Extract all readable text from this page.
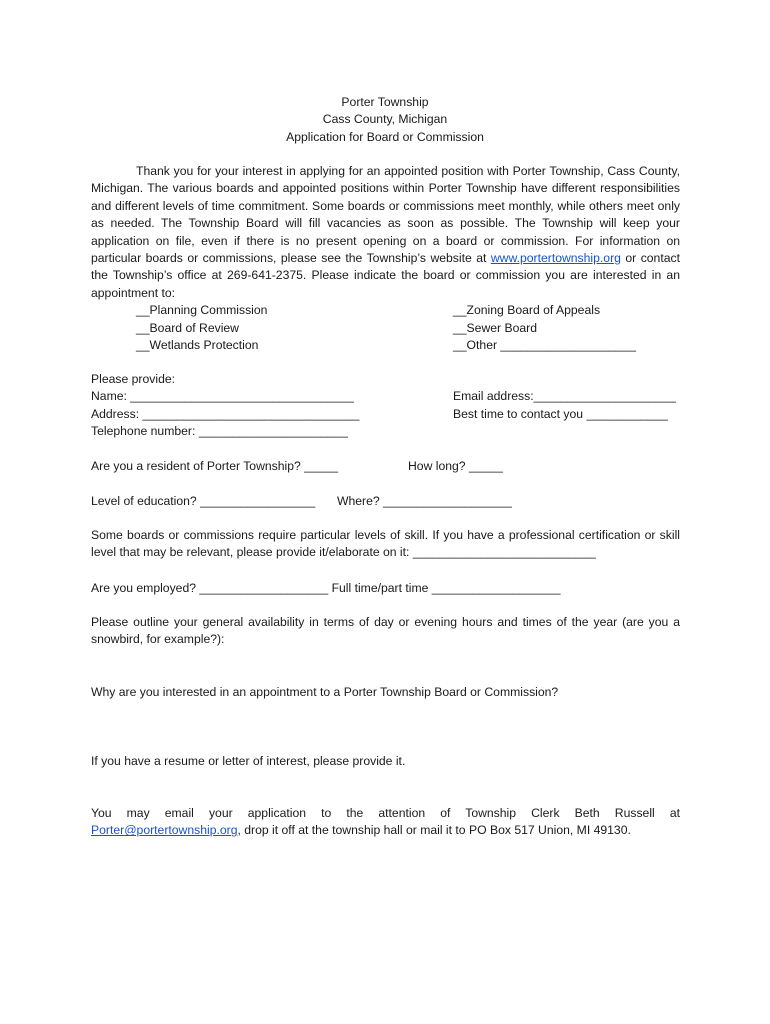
Porter Township
Cass County, Michigan
Application for Board or Commission
Thank you for your interest in applying for an appointed position with Porter Township, Cass County, Michigan. The various boards and appointed positions within Porter Township have different responsibilities and different levels of time commitment. Some boards or commissions meet monthly, while others meet only as needed. The Township Board will fill vacancies as soon as possible. The Township will keep your application on file, even if there is no present opening on a board or commission. For information on particular boards or commissions, please see the Township’s website at www.portertownship.org or contact the Township’s office at 269-641-2375. Please indicate the board or commission you are interested in an appointment to:
__Planning Commission
__Board of Review
__Wetlands Protection
__Zoning Board of Appeals
__Sewer Board
__Other ____________________
Please provide:
Name: _________________________________
Address: ________________________________
Telephone number: ______________________
Email address:_____________________
Best time to contact you ____________
Are you a resident of Porter Township? _____	How long? _____
Level of education? _________________ Where? ___________________
Some boards or commissions require particular levels of skill. If you have a professional certification or skill level that may be relevant, please provide it/elaborate on it: ___________________________
Are you employed? ___________________ Full time/part time ___________________
Please outline your general availability in terms of day or evening hours and times of the year (are you a snowbird, for example?):
Why are you interested in an appointment to a Porter Township Board or Commission?
If you have a resume or letter of interest, please provide it.
You may email your application to the attention of Township Clerk Beth Russell at Porter@portertownship.org, drop it off at the township hall or mail it to PO Box 517 Union, MI 49130.
